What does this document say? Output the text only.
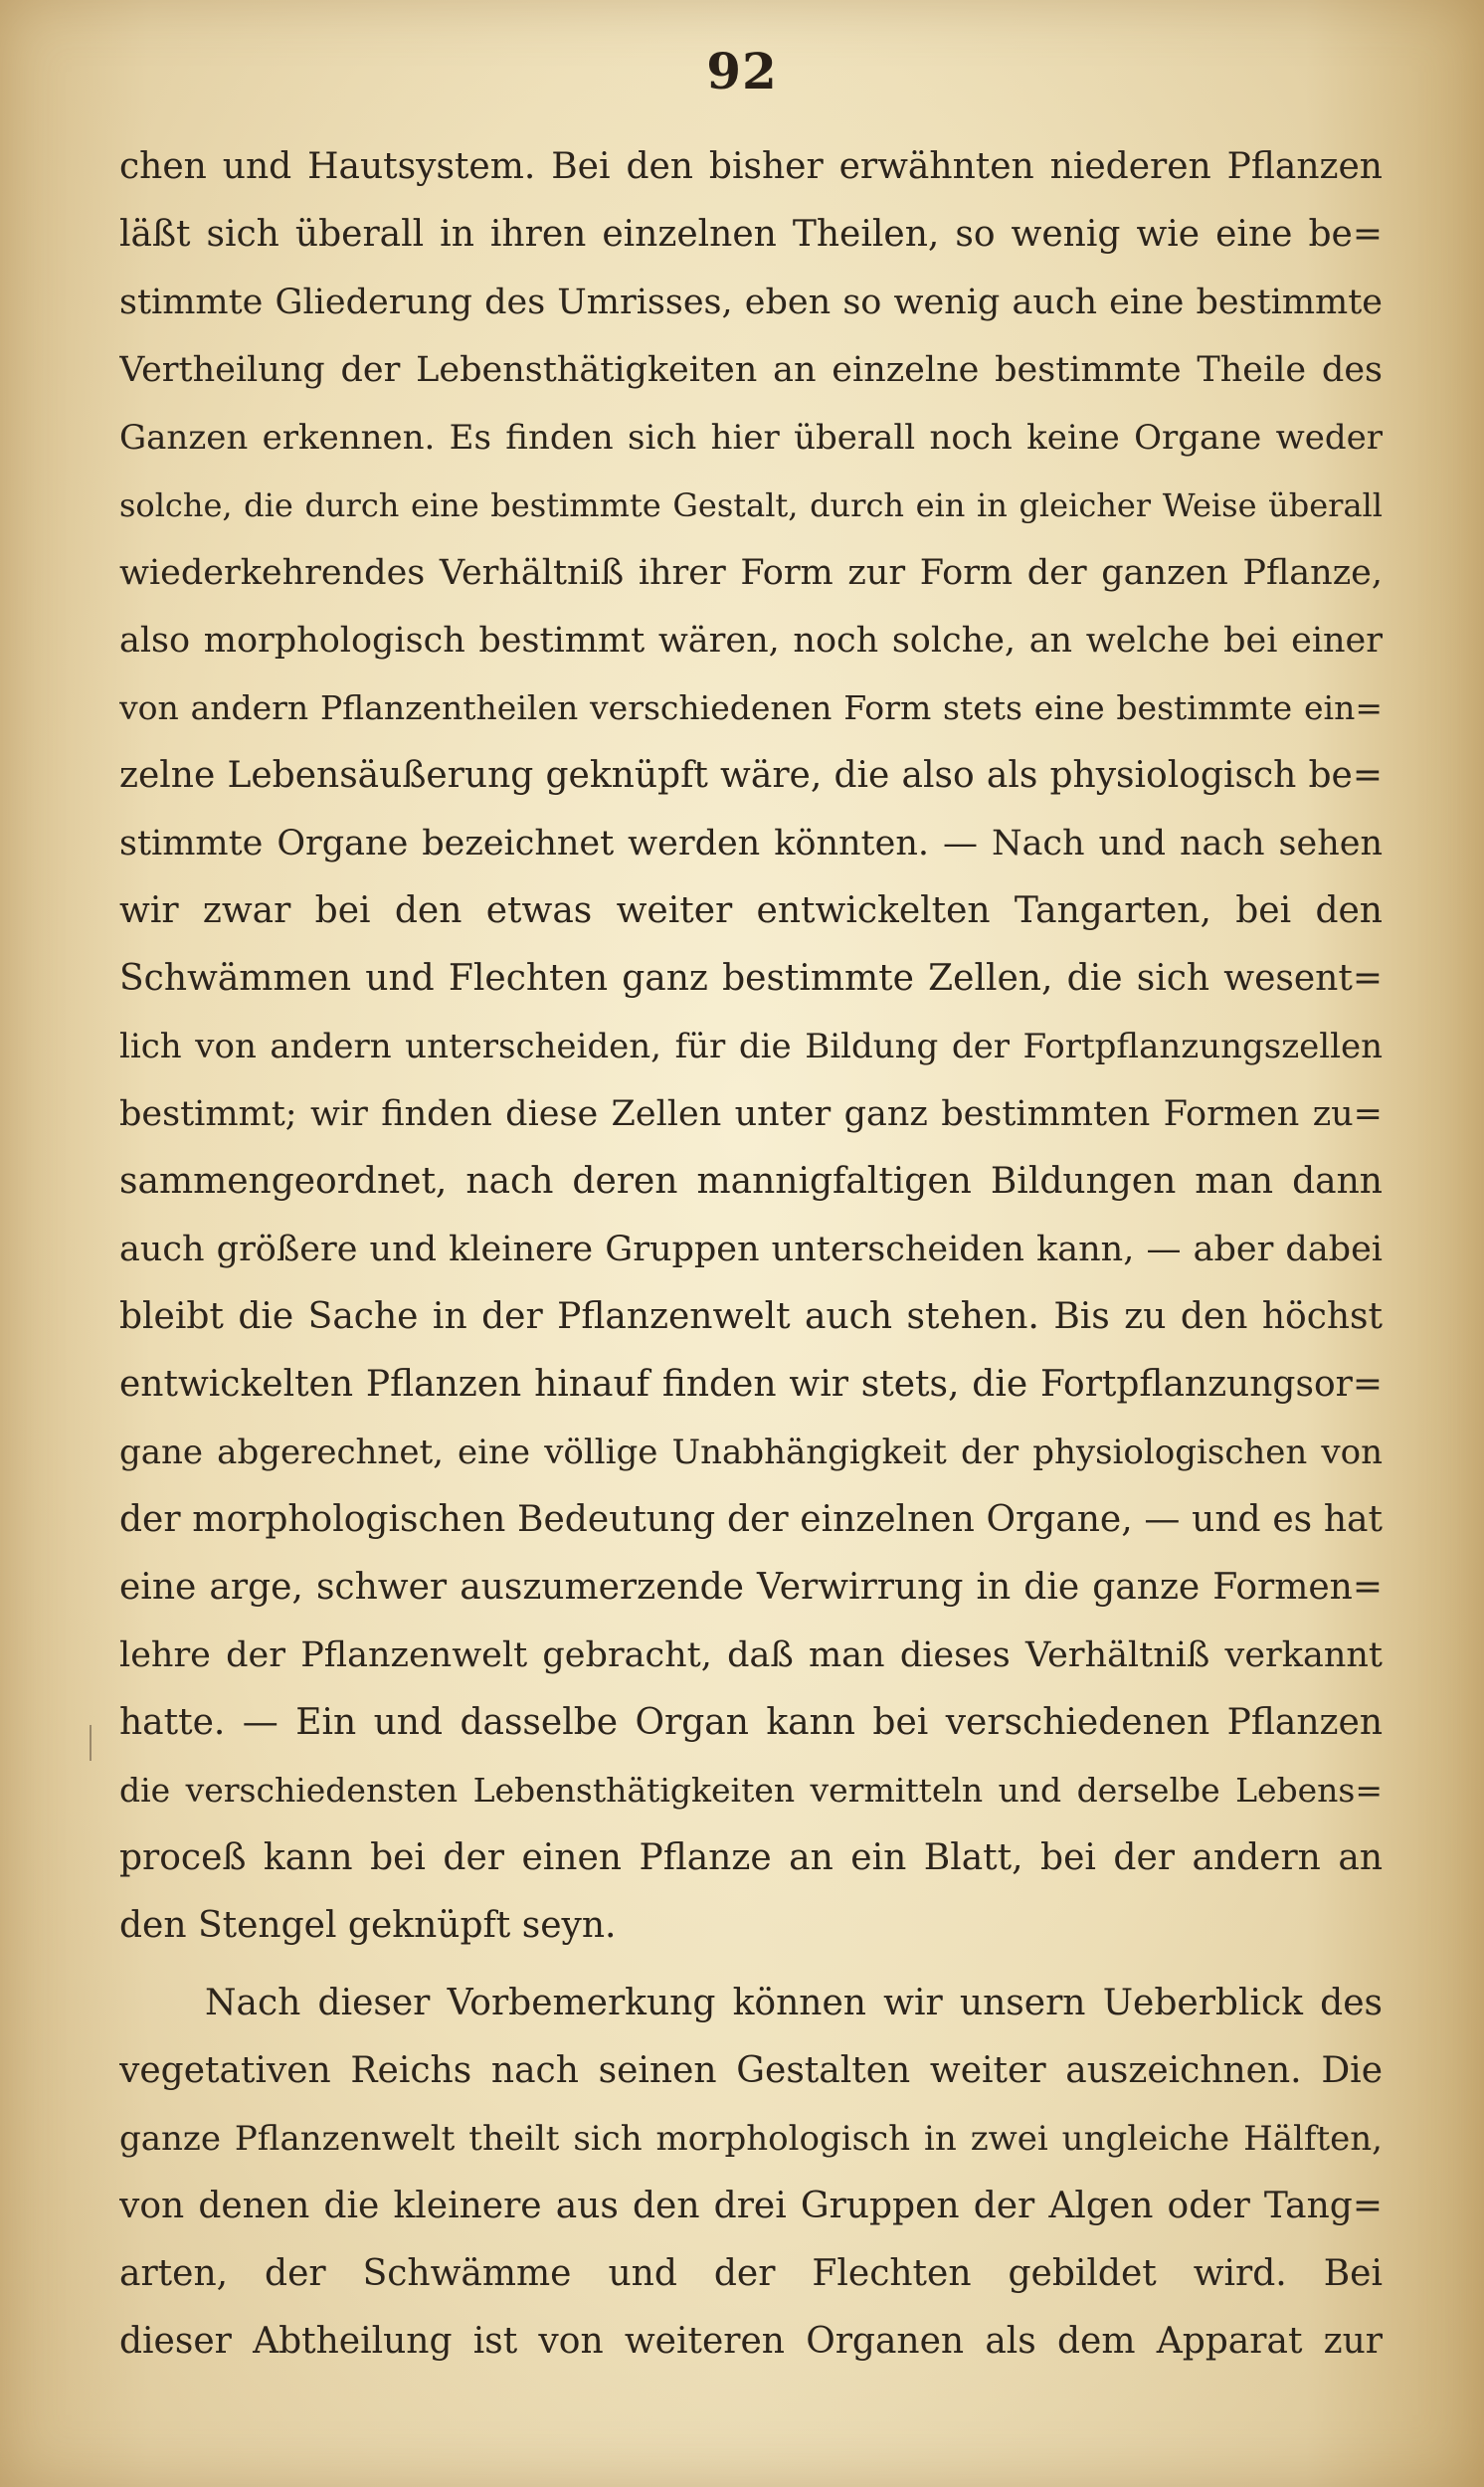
92
chen und Hautsystem. Bei den bisher erwähnten niederen Pflanzen
läßt sich überall in ihren einzelnen Theilen, so wenig wie eine be=
stimmte Gliederung des Umrisses, eben so wenig auch eine bestimmte
Vertheilung der Lebensthätigkeiten an einzelne bestimmte Theile des
Ganzen erkennen. Es finden sich hier überall noch keine Organe weder
solche, die durch eine bestimmte Gestalt, durch ein in gleicher Weise überall
wiederkehrendes Verhältniß ihrer Form zur Form der ganzen Pflanze,
also morphologisch bestimmt wären, noch solche, an welche bei einer
von andern Pflanzentheilen verschiedenen Form stets eine bestimmte ein=
zelne Lebensäußerung geknüpft wäre, die also als physiologisch be=
stimmte Organe bezeichnet werden könnten. — Nach und nach sehen
wir zwar bei den etwas weiter entwickelten Tangarten, bei den
Schwämmen und Flechten ganz bestimmte Zellen, die sich wesent=
lich von andern unterscheiden, für die Bildung der Fortpflanzungszellen
bestimmt; wir finden diese Zellen unter ganz bestimmten Formen zu=
sammengeordnet, nach deren mannigfaltigen Bildungen man dann
auch größere und kleinere Gruppen unterscheiden kann, — aber dabei
bleibt die Sache in der Pflanzenwelt auch stehen. Bis zu den höchst
entwickelten Pflanzen hinauf finden wir stets, die Fortpflanzungsor=
gane abgerechnet, eine völlige Unabhängigkeit der physiologischen von
der morphologischen Bedeutung der einzelnen Organe, — und es hat
eine arge, schwer auszumerzende Verwirrung in die ganze Formen=
lehre der Pflanzenwelt gebracht, daß man dieses Verhältniß verkannt
hatte. — Ein und dasselbe Organ kann bei verschiedenen Pflanzen
die verschiedensten Lebensthätigkeiten vermitteln und derselbe Lebens=
proceß kann bei der einen Pflanze an ein Blatt, bei der andern an
den Stengel geknüpft seyn.
Nach dieser Vorbemerkung können wir unsern Ueberblick des
vegetativen Reichs nach seinen Gestalten weiter auszeichnen. Die
ganze Pflanzenwelt theilt sich morphologisch in zwei ungleiche Hälften,
von denen die kleinere aus den drei Gruppen der Algen oder Tang=
arten, der Schwämme und der Flechten gebildet wird. Bei
dieser Abtheilung ist von weiteren Organen als dem Apparat zur
